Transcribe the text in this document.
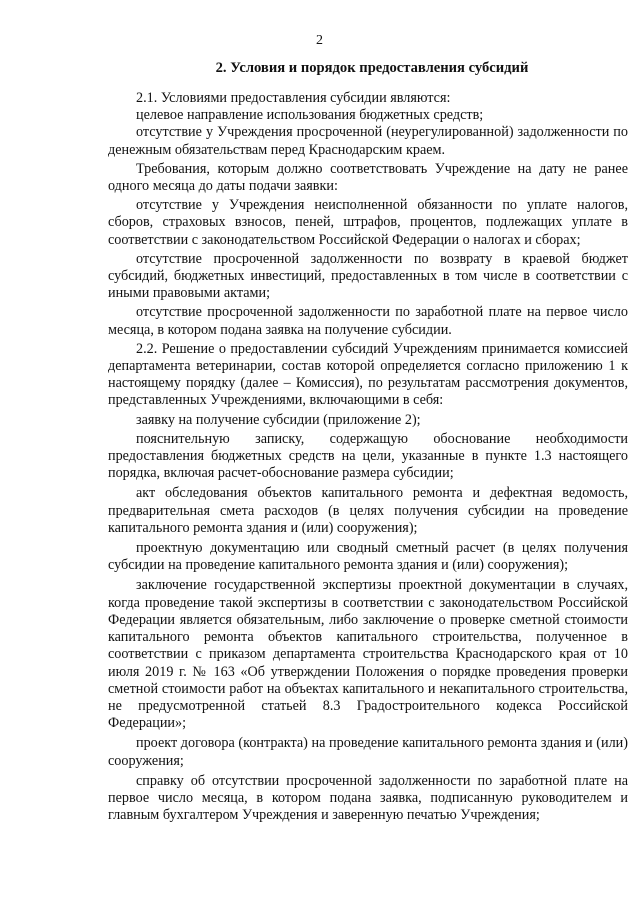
2
2. Условия и порядок предоставления субсидий

2.1. Условиями предоставления субсидии являются:

целевое направление использования бюджетных средств;

отсутствие у Учреждения просроченной (неурегулированной) задолженности по денежным обязательствам перед Краснодарским краем.

Требования, которым должно соответствовать Учреждение на дату не ранее одного месяца до даты подачи заявки:

отсутствие у Учреждения неисполненной обязанности по уплате налогов, сборов, страховых взносов, пеней, штрафов, процентов, подлежащих уплате в соответствии с законодательством Российской Федерации о налогах и сборах;

отсутствие просроченной задолженности по возврату в краевой бюджет субсидий, бюджетных инвестиций, предоставленных в том числе в соответствии с иными правовыми актами;

отсутствие просроченной задолженности по заработной плате на первое число месяца, в котором подана заявка на получение субсидии.

2.2. Решение о предоставлении субсидий Учреждениям принимается комиссией департамента ветеринарии, состав которой определяется согласно приложению 1 к настоящему порядку (далее – Комиссия), по результатам рассмотрения документов, представленных Учреждениями, включающими в себя:

заявку на получение субсидии (приложение 2);

пояснительную записку, содержащую обоснование необходимости предоставления бюджетных средств на цели, указанные в пункте 1.3 настоящего порядка, включая расчет-обоснование размера субсидии;

акт обследования объектов капитального ремонта и дефектная ведомость, предварительная смета расходов (в целях получения субсидии на проведение капитального ремонта здания и (или) сооружения);

проектную документацию или сводный сметный расчет (в целях получения субсидии на проведение капитального ремонта здания и (или) сооружения);

заключение государственной экспертизы проектной документации в случаях, когда проведение такой экспертизы в соответствии с законодательством Российской Федерации является обязательным, либо заключение о проверке сметной стоимости капитального ремонта объектов капитального строительства, полученное в соответствии с приказом департамента строительства Краснодарского края от 10 июля 2019 г. № 163 «Об утверждении Положения о порядке проведения проверки сметной стоимости работ на объектах капитального и некапитального строительства, не предусмотренной статьей 8.3 Градостроительного кодекса Российской Федерации»;

проект договора (контракта) на проведение капитального ремонта здания и (или) сооружения;

справку об отсутствии просроченной задолженности по заработной плате на первое число месяца, в котором подана заявка, подписанную руководителем и главным бухгалтером Учреждения и заверенную печатью Учреждения;
